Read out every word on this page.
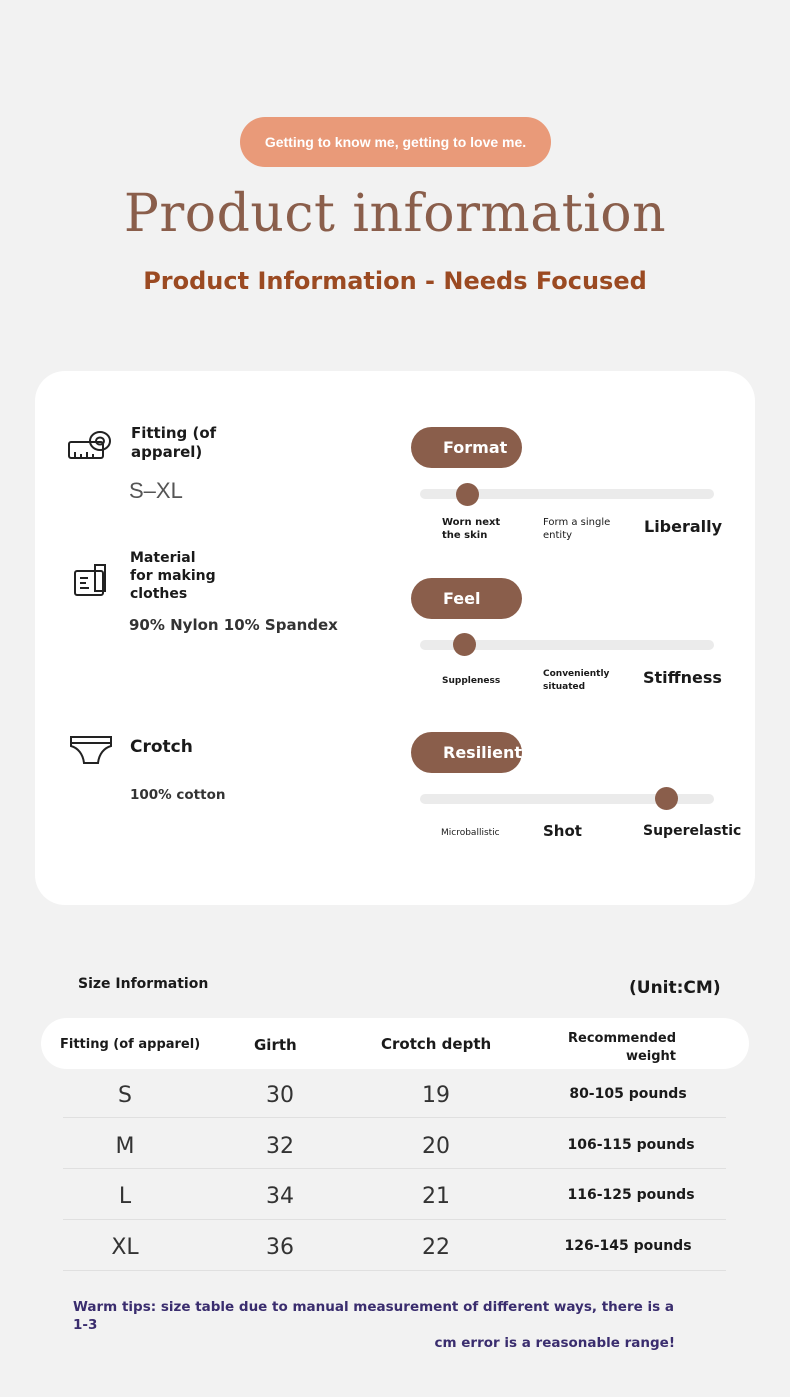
Getting to know me, getting to love me.
Product information
Product Information - Needs Focused
Fitting (of apparel)
S–XL
Material for making clothes
90% Nylon 10% Spandex
Crotch
100% cotton
Format
Worn next the skin
Form a single entity	Liberally
Feel
Suppleness
Conveniently situated	Stiffness
Resilient
Microballistic	Shot	Superelastic
Size Information	(Unit:CM)
Fitting (of apparel)	Girth	Crotch depth	Recommended weight
S	30	19	80-105 pounds
M	32	20	106-115 pounds
L	34	21	116-125 pounds
XL	36	22	126-145 pounds
Warm tips: size table due to manual measurement of different ways, there is a 1-3
cm error is a reasonable range!
